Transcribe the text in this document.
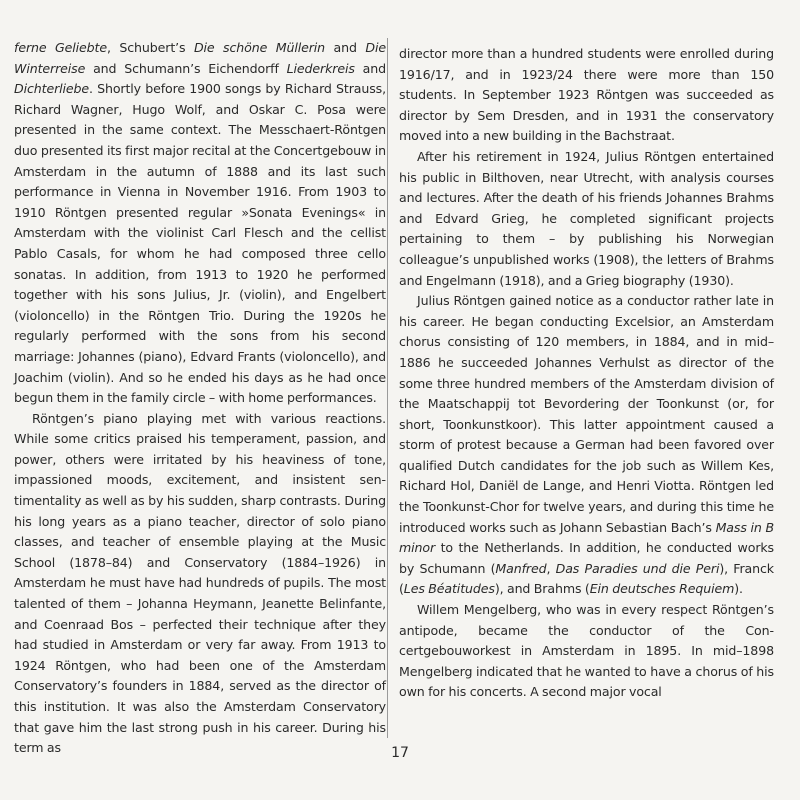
ferne Geliebte, Schubert’s Die schöne Müllerin and Die Winterreise and Schumann’s Eichendorff Liederkreis and Dichterliebe. Shortly before 1900 songs by Richard Strauss, Richard Wagner, Hugo Wolf, and Oskar C. Posa were presented in the same context. The Messchaert-Röntgen duo presented its first major recital at the Concertgebouw in Amsterdam in the autumn of 1888 and its last such performance in Vienna in November 1916. From 1903 to 1910 Röntgen presented regular »Sonata Evenings« in Amsterdam with the violinist Carl Flesch and the cellist Pablo Casals, for whom he had composed three cello sonatas. In addition, from 1913 to 1920 he performed together with his sons Julius, Jr. (violin), and Engelbert (violoncello) in the Röntgen Trio. During the 1920s he regularly performed with the sons from his second marriage: Johannes (piano), Edvard Frants (violoncello), and Joachim (violin). And so he ended his days as he had once begun them in the family circle – with home performances.

Röntgen’s piano playing met with various reactions. While some critics praised his temperament, passion, and power, others were irritated by his heaviness of tone, impassioned moods, excitement, and insistent sentimentality as well as by his sudden, sharp contrasts. During his long years as a piano teacher, director of solo piano classes, and teacher of ensemble playing at the Music School (1878–84) and Conservatory (1884–1926) in Amsterdam he must have had hundreds of pupils. The most talented of them – Johanna Heymann, Jeanette Belinfante, and Coenraad Bos – perfected their technique after they had studied in Amsterdam or very far away. From 1913 to 1924 Röntgen, who had been one of the Amsterdam Conservatory’s founders in 1884, served as the director of this institution. It was also the Amsterdam Conservatory that gave him the last strong push in his career. During his term as

director more than a hundred students were enrolled during 1916/17, and in 1923/24 there were more than 150 students. In September 1923 Röntgen was succeeded as director by Sem Dresden, and in 1931 the conservatory moved into a new building in the Bachstraat.

After his retirement in 1924, Julius Röntgen entertained his public in Bilthoven, near Utrecht, with analysis courses and lectures. After the death of his friends Johannes Brahms and Edvard Grieg, he completed significant projects pertaining to them – by publishing his Norwegian colleague’s unpublished works (1908), the letters of Brahms and Engelmann (1918), and a Grieg biography (1930).

Julius Röntgen gained notice as a conductor rather late in his career. He began conducting Excelsior, an Amsterdam chorus consisting of 120 members, in 1884, and in mid–1886 he succeeded Johannes Verhulst as director of the some three hundred members of the Amsterdam division of the Maatschappij tot Bevordering der Toonkunst (or, for short, Toonkunstkoor). This latter appointment caused a storm of protest because a German had been favored over qualified Dutch candidates for the job such as Willem Kes, Richard Hol, Daniël de Lange, and Henri Viotta. Röntgen led the Toonkunst-Chor for twelve years, and during this time he introduced works such as Johann Sebastian Bach’s Mass in B minor to the Netherlands. In addition, he conducted works by Schumann (Manfred, Das Paradies und die Peri), Franck (Les Béatitudes), and Brahms (Ein deutsches Requiem).

Willem Mengelberg, who was in every respect Röntgen’s antipode, became the conductor of the Concertgebouworkest in Amsterdam in 1895. In mid–1898 Mengelberg indicated that he wanted to have a chorus of his own for his concerts. A second major vocal

17
